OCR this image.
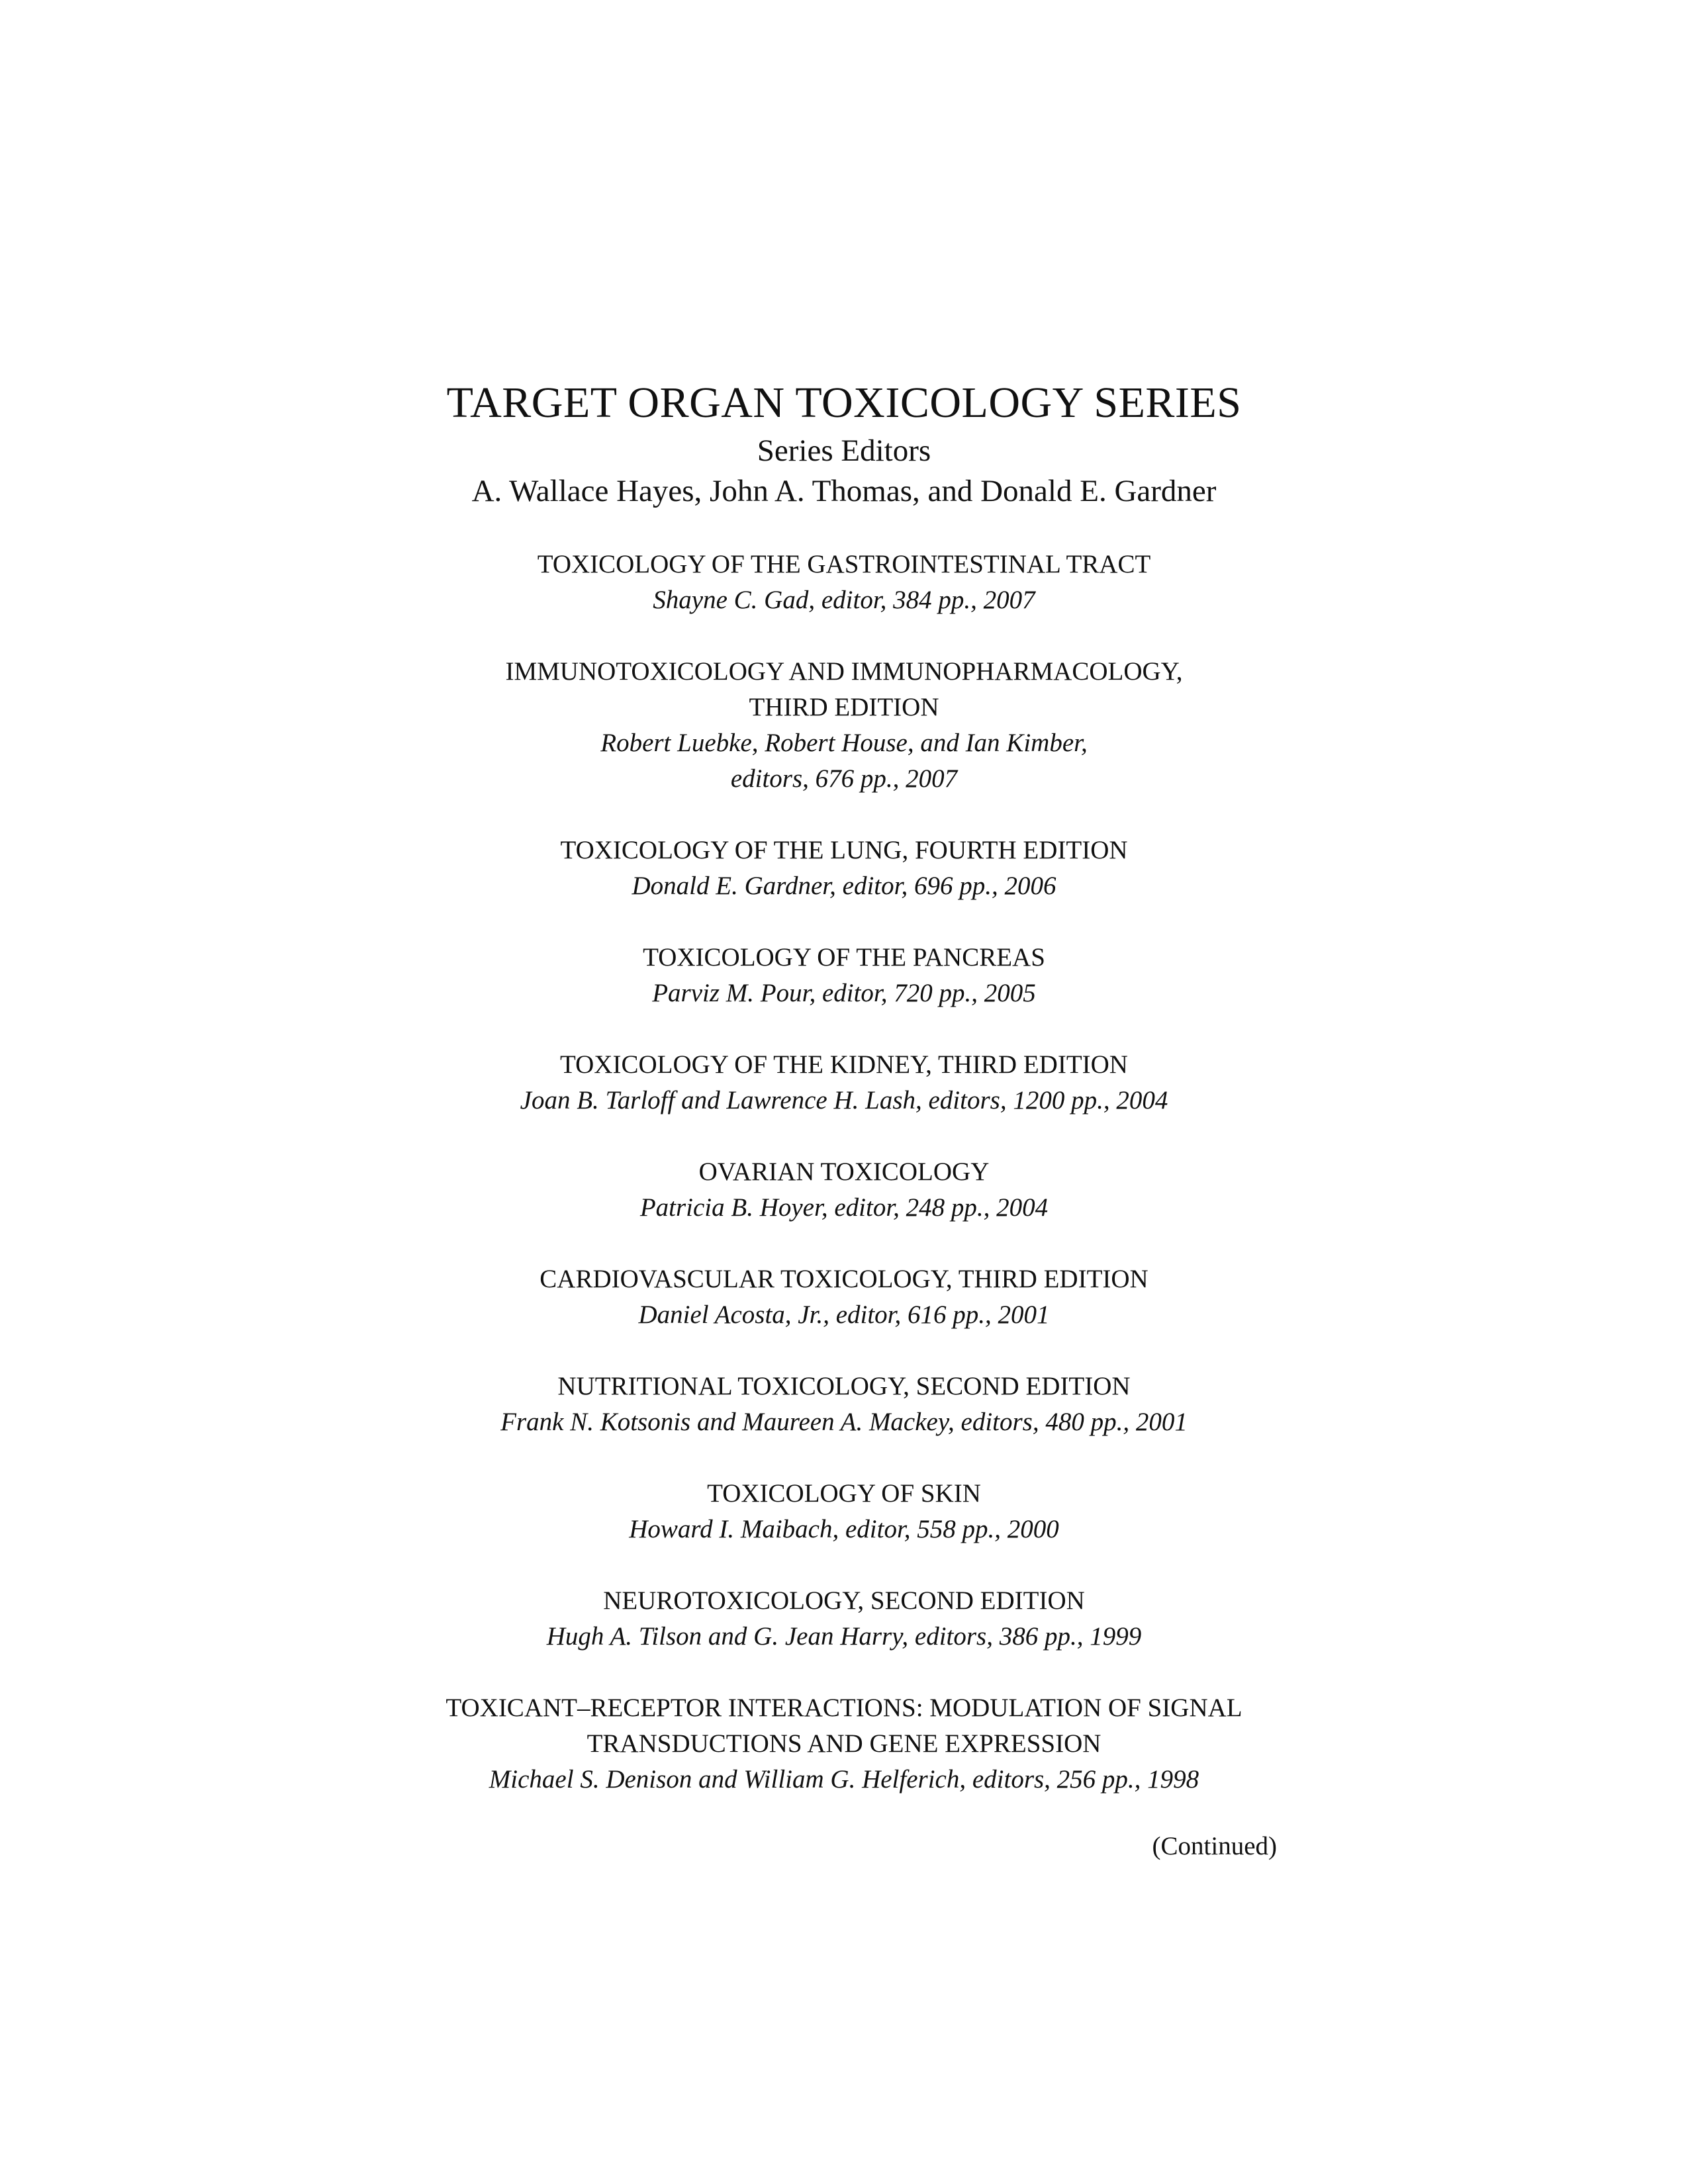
TARGET ORGAN TOXICOLOGY SERIES
Series Editors
A. Wallace Hayes, John A. Thomas, and Donald E. Gardner
TOXICOLOGY OF THE GASTROINTESTINAL TRACT
Shayne C. Gad, editor, 384 pp., 2007
IMMUNOTOXICOLOGY AND IMMUNOPHARMACOLOGY,
THIRD EDITION
Robert Luebke, Robert House, and Ian Kimber,
editors, 676 pp., 2007
TOXICOLOGY OF THE LUNG, FOURTH EDITION
Donald E. Gardner, editor, 696 pp., 2006
TOXICOLOGY OF THE PANCREAS
Parviz M. Pour, editor, 720 pp., 2005
TOXICOLOGY OF THE KIDNEY, THIRD EDITION
Joan B. Tarloff and Lawrence H. Lash, editors, 1200 pp., 2004
OVARIAN TOXICOLOGY
Patricia B. Hoyer, editor, 248 pp., 2004
CARDIOVASCULAR TOXICOLOGY, THIRD EDITION
Daniel Acosta, Jr., editor, 616 pp., 2001
NUTRITIONAL TOXICOLOGY, SECOND EDITION
Frank N. Kotsonis and Maureen A. Mackey, editors, 480 pp., 2001
TOXICOLOGY OF SKIN
Howard I. Maibach, editor, 558 pp., 2000
NEUROTOXICOLOGY, SECOND EDITION
Hugh A. Tilson and G. Jean Harry, editors, 386 pp., 1999
TOXICANT–RECEPTOR INTERACTIONS: MODULATION OF SIGNAL
TRANSDUCTIONS AND GENE EXPRESSION
Michael S. Denison and William G. Helferich, editors, 256 pp., 1998
(Continued)
